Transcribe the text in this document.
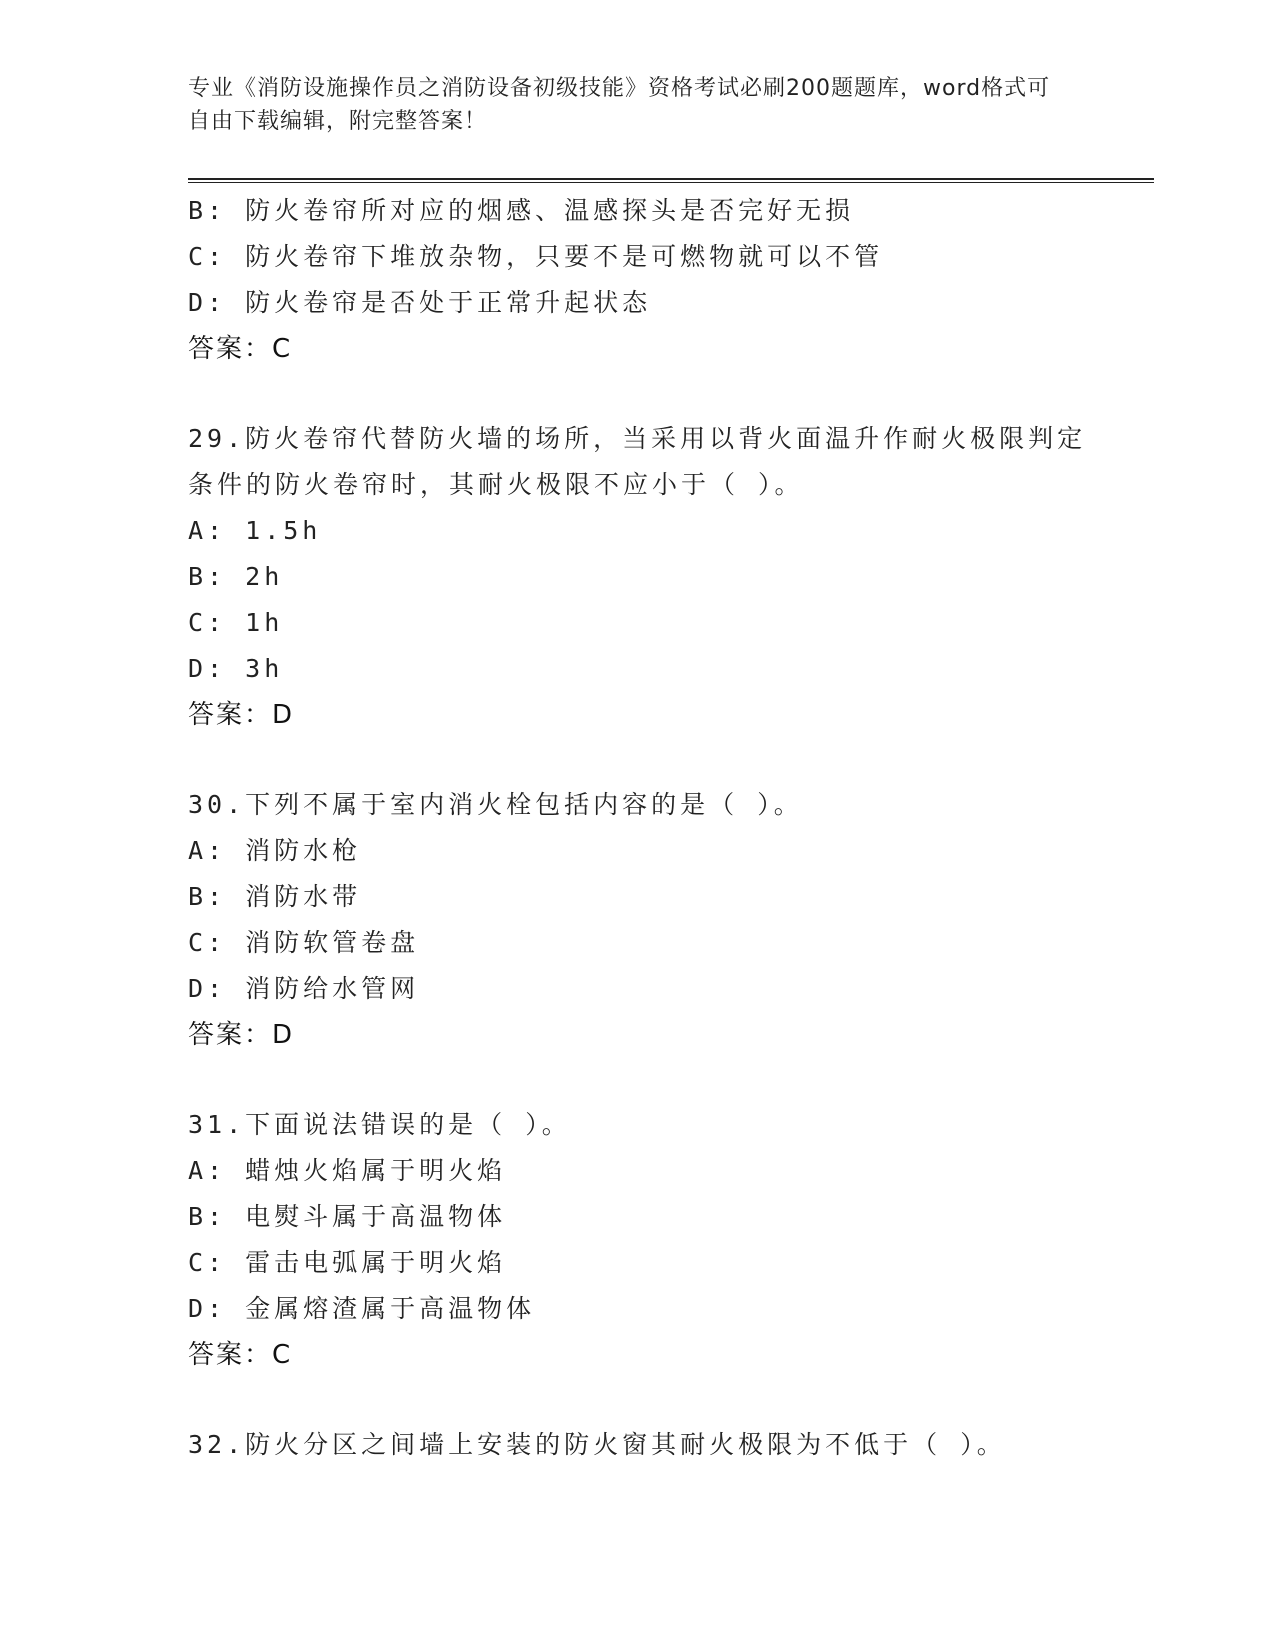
专业《消防设施操作员之消防设备初级技能》资格考试必刷200题题库，word格式可自由下载编辑，附完整答案！
B: 防火卷帘所对应的烟感、温感探头是否完好无损
C: 防火卷帘下堆放杂物，只要不是可燃物就可以不管
D: 防火卷帘是否处于正常升起状态
答案：C
29.防火卷帘代替防火墙的场所，当采用以背火面温升作耐火极限判定
条件的防火卷帘时，其耐火极限不应小于（ ）。
A: 1.5h
B: 2h
C: 1h
D: 3h
答案：D
30.下列不属于室内消火栓包括内容的是（ ）。
A: 消防水枪
B: 消防水带
C: 消防软管卷盘
D: 消防给水管网
答案：D
31.下面说法错误的是（ ）。
A: 蜡烛火焰属于明火焰
B: 电熨斗属于高温物体
C: 雷击电弧属于明火焰
D: 金属熔渣属于高温物体
答案：C
32.防火分区之间墙上安装的防火窗其耐火极限为不低于（ ）。
